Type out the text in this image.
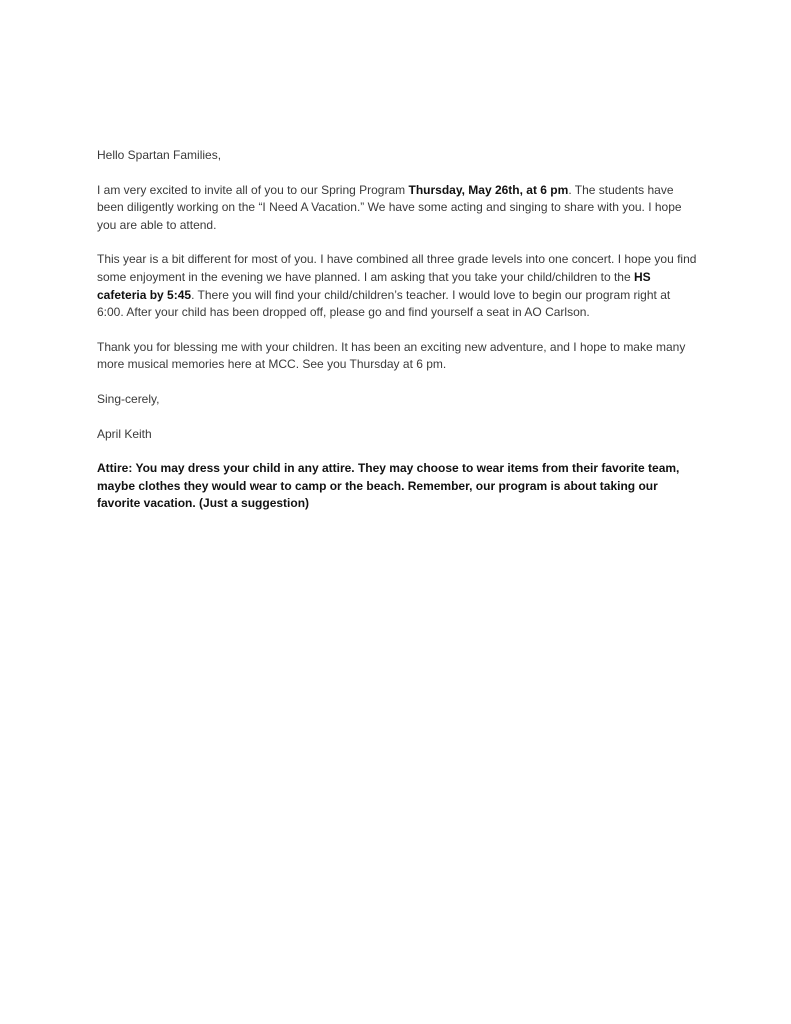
Hello Spartan Families,

I am very excited to invite all of you to our Spring Program Thursday, May 26th, at 6 pm. The students have been diligently working on the “I Need A Vacation.” We have some acting and singing to share with you. I hope you are able to attend.

This year is a bit different for most of you. I have combined all three grade levels into one concert. I hope you find some enjoyment in the evening we have planned. I am asking that you take your child/children to the HS cafeteria by 5:45. There you will find your child/children’s teacher. I would love to begin our program right at 6:00. After your child has been dropped off, please go and find yourself a seat in AO Carlson.

Thank you for blessing me with your children. It has been an exciting new adventure, and I hope to make many more musical memories here at MCC. See you Thursday at 6 pm.

Sing-cerely,

April Keith

Attire: You may dress your child in any attire. They may choose to wear items from their favorite team, maybe clothes they would wear to camp or the beach. Remember, our program is about taking our favorite vacation. (Just a suggestion)
